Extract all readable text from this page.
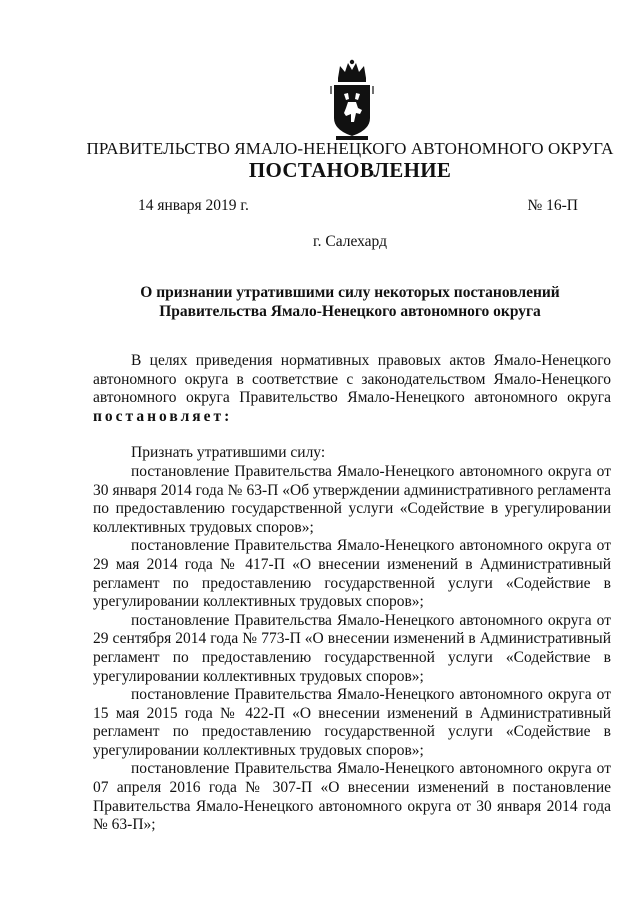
ПРАВИТЕЛЬСТВО ЯМАЛО-НЕНЕЦКОГО АВТОНОМНОГО ОКРУГА
ПОСТАНОВЛЕНИЕ
14 января 2019 г.	№ 16-П
г. Салехард
О признании утратившими силу некоторых постановлений
Правительства Ямало-Ненецкого автономного округа

В целях приведения нормативных правовых актов Ямало-Ненецкого автономного округа в соответствие с законодательством Ямало-Ненецкого автономного округа Правительство Ямало-Ненецкого автономного округа постановляет:

Признать утратившими силу:

постановление Правительства Ямало-Ненецкого автономного округа от 30 января 2014 года № 63-П «Об утверждении административного регламента по предоставлению государственной услуги «Содействие в урегулировании коллективных трудовых споров»;

постановление Правительства Ямало-Ненецкого автономного округа от 29 мая 2014 года № 417-П «О внесении изменений в Административный регламент по предоставлению государственной услуги «Содействие в урегулировании коллективных трудовых споров»;

постановление Правительства Ямало-Ненецкого автономного округа от 29 сентября 2014 года № 773-П «О внесении изменений в Административный регламент по предоставлению государственной услуги «Содействие в урегулировании коллективных трудовых споров»;

постановление Правительства Ямало-Ненецкого автономного округа от 15 мая 2015 года № 422-П «О внесении изменений в Административный регламент по предоставлению государственной услуги «Содействие в урегулировании коллективных трудовых споров»;

постановление Правительства Ямало-Ненецкого автономного округа от 07 апреля 2016 года № 307-П «О внесении изменений в постановление Правительства Ямало-Ненецкого автономного округа от 30 января 2014 года № 63-П»;
